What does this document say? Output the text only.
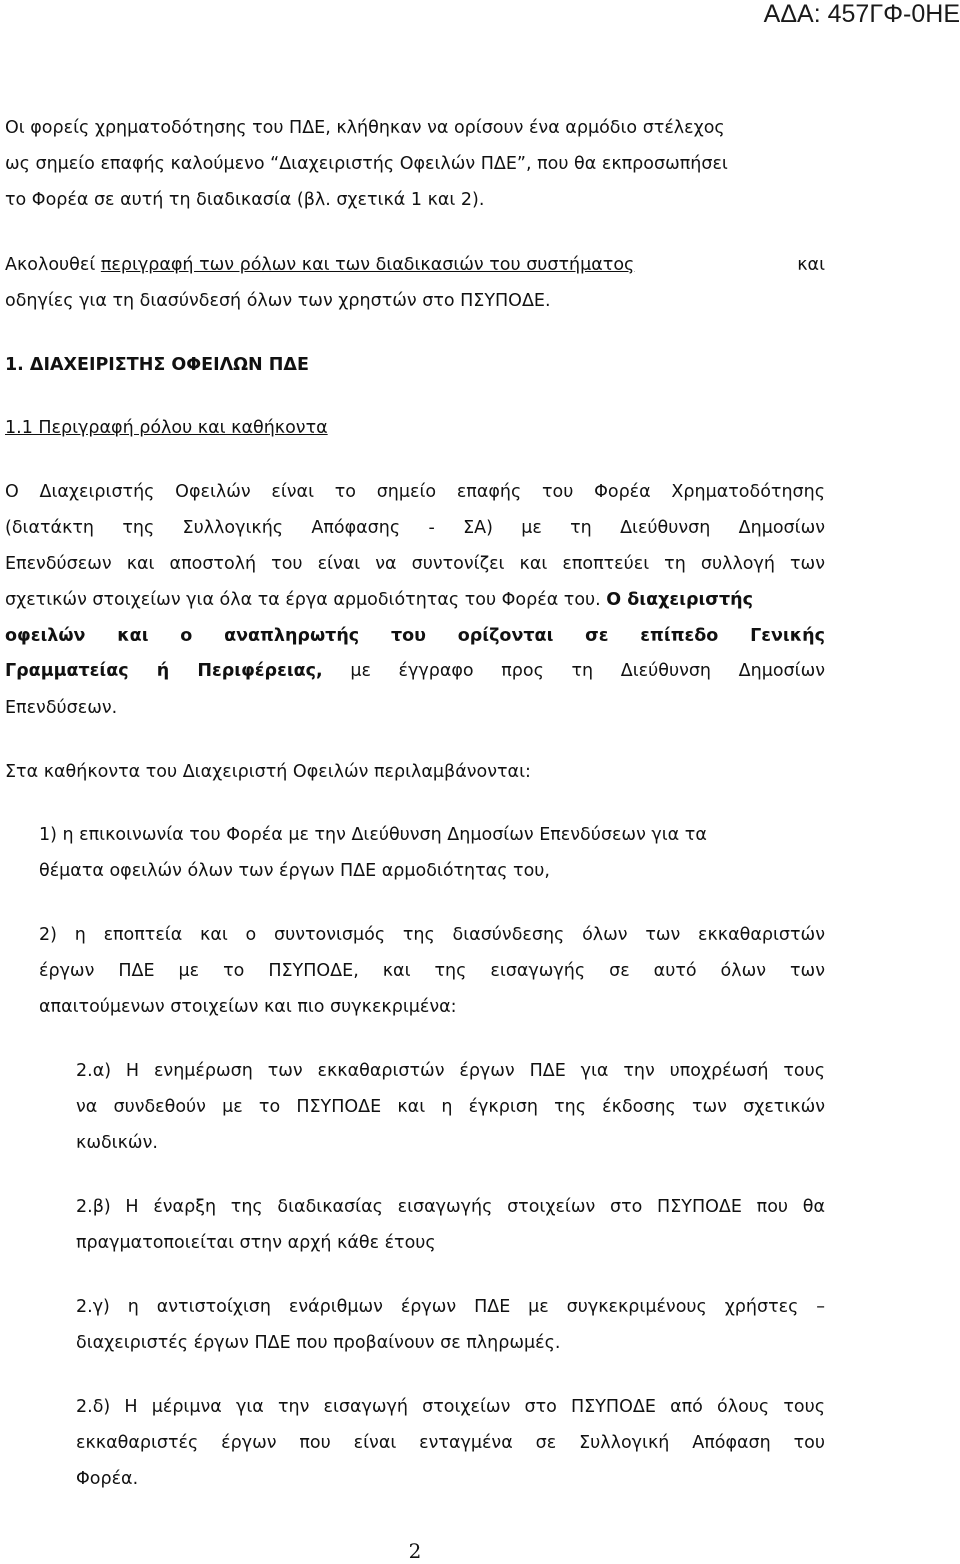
ΑΔΑ: 457ΓΦ-0ΗΕ

Οι φορείς χρηματοδότησης του ΠΔΕ, κλήθηκαν να ορίσουν ένα αρμόδιο στέλεχος

ως σημείο επαφής καλούμενο “Διαχειριστής Οφειλών ΠΔΕ”, που θα εκπροσωπήσει

το Φορέα σε αυτή τη διαδικασία (βλ. σχετικά 1 και 2).

Ακολουθεί περιγραφή των ρόλων και των διαδικασιών του συστήματος	και

οδηγίες για τη διασύνδεσή όλων των χρηστών στο ΠΣΥΠΟΔΕ.

1. ΔΙΑΧΕΙΡΙΣΤΗΣ ΟΦΕΙΛΩΝ ΠΔΕ

1.1 Περιγραφή ρόλου και καθήκοντα

Ο Διαχειριστής Οφειλών είναι το σημείο επαφής του Φορέα Χρηματοδότησης

(διατάκτη της Συλλογικής Απόφασης - ΣΑ) με τη Διεύθυνση Δημοσίων

Επενδύσεων και αποστολή του είναι να συντονίζει και εποπτεύει τη συλλογή των

σχετικών στοιχείων για όλα τα έργα αρμοδιότητας του Φορέα του. Ο διαχειριστής

οφειλών και ο αναπληρωτής του ορίζονται σε επίπεδο Γενικής

Γραμματείας ή Περιφέρειας, με έγγραφο προς τη Διεύθυνση Δημοσίων

Επενδύσεων.

Στα καθήκοντα του Διαχειριστή Οφειλών περιλαμβάνονται:

1) η επικοινωνία του Φορέα με την Διεύθυνση Δημοσίων Επενδύσεων για τα

θέματα οφειλών όλων των έργων ΠΔΕ αρμοδιότητας του,

2) η εποπτεία και ο συντονισμός της διασύνδεσης όλων των εκκαθαριστών

έργων ΠΔΕ με το ΠΣΥΠΟΔΕ, και της εισαγωγής σε αυτό όλων των

απαιτούμενων στοιχείων και πιο συγκεκριμένα:

2.α) Η ενημέρωση των εκκαθαριστών έργων ΠΔΕ για την υποχρέωσή τους

να συνδεθούν με το ΠΣΥΠΟΔΕ και η έγκριση της έκδοσης των σχετικών

κωδικών.

2.β) Η έναρξη της διαδικασίας εισαγωγής στοιχείων στο ΠΣΥΠΟΔΕ που θα

πραγματοποιείται στην αρχή κάθε έτους

2.γ) η αντιστοίχιση ενάριθμων έργων ΠΔΕ με συγκεκριμένους χρήστες –

διαχειριστές έργων ΠΔΕ που προβαίνουν σε πληρωμές.

2.δ) Η μέριμνα για την εισαγωγή στοιχείων στο ΠΣΥΠΟΔΕ από όλους τους

εκκαθαριστές έργων που είναι ενταγμένα σε Συλλογική Απόφαση του

Φορέα.

2
